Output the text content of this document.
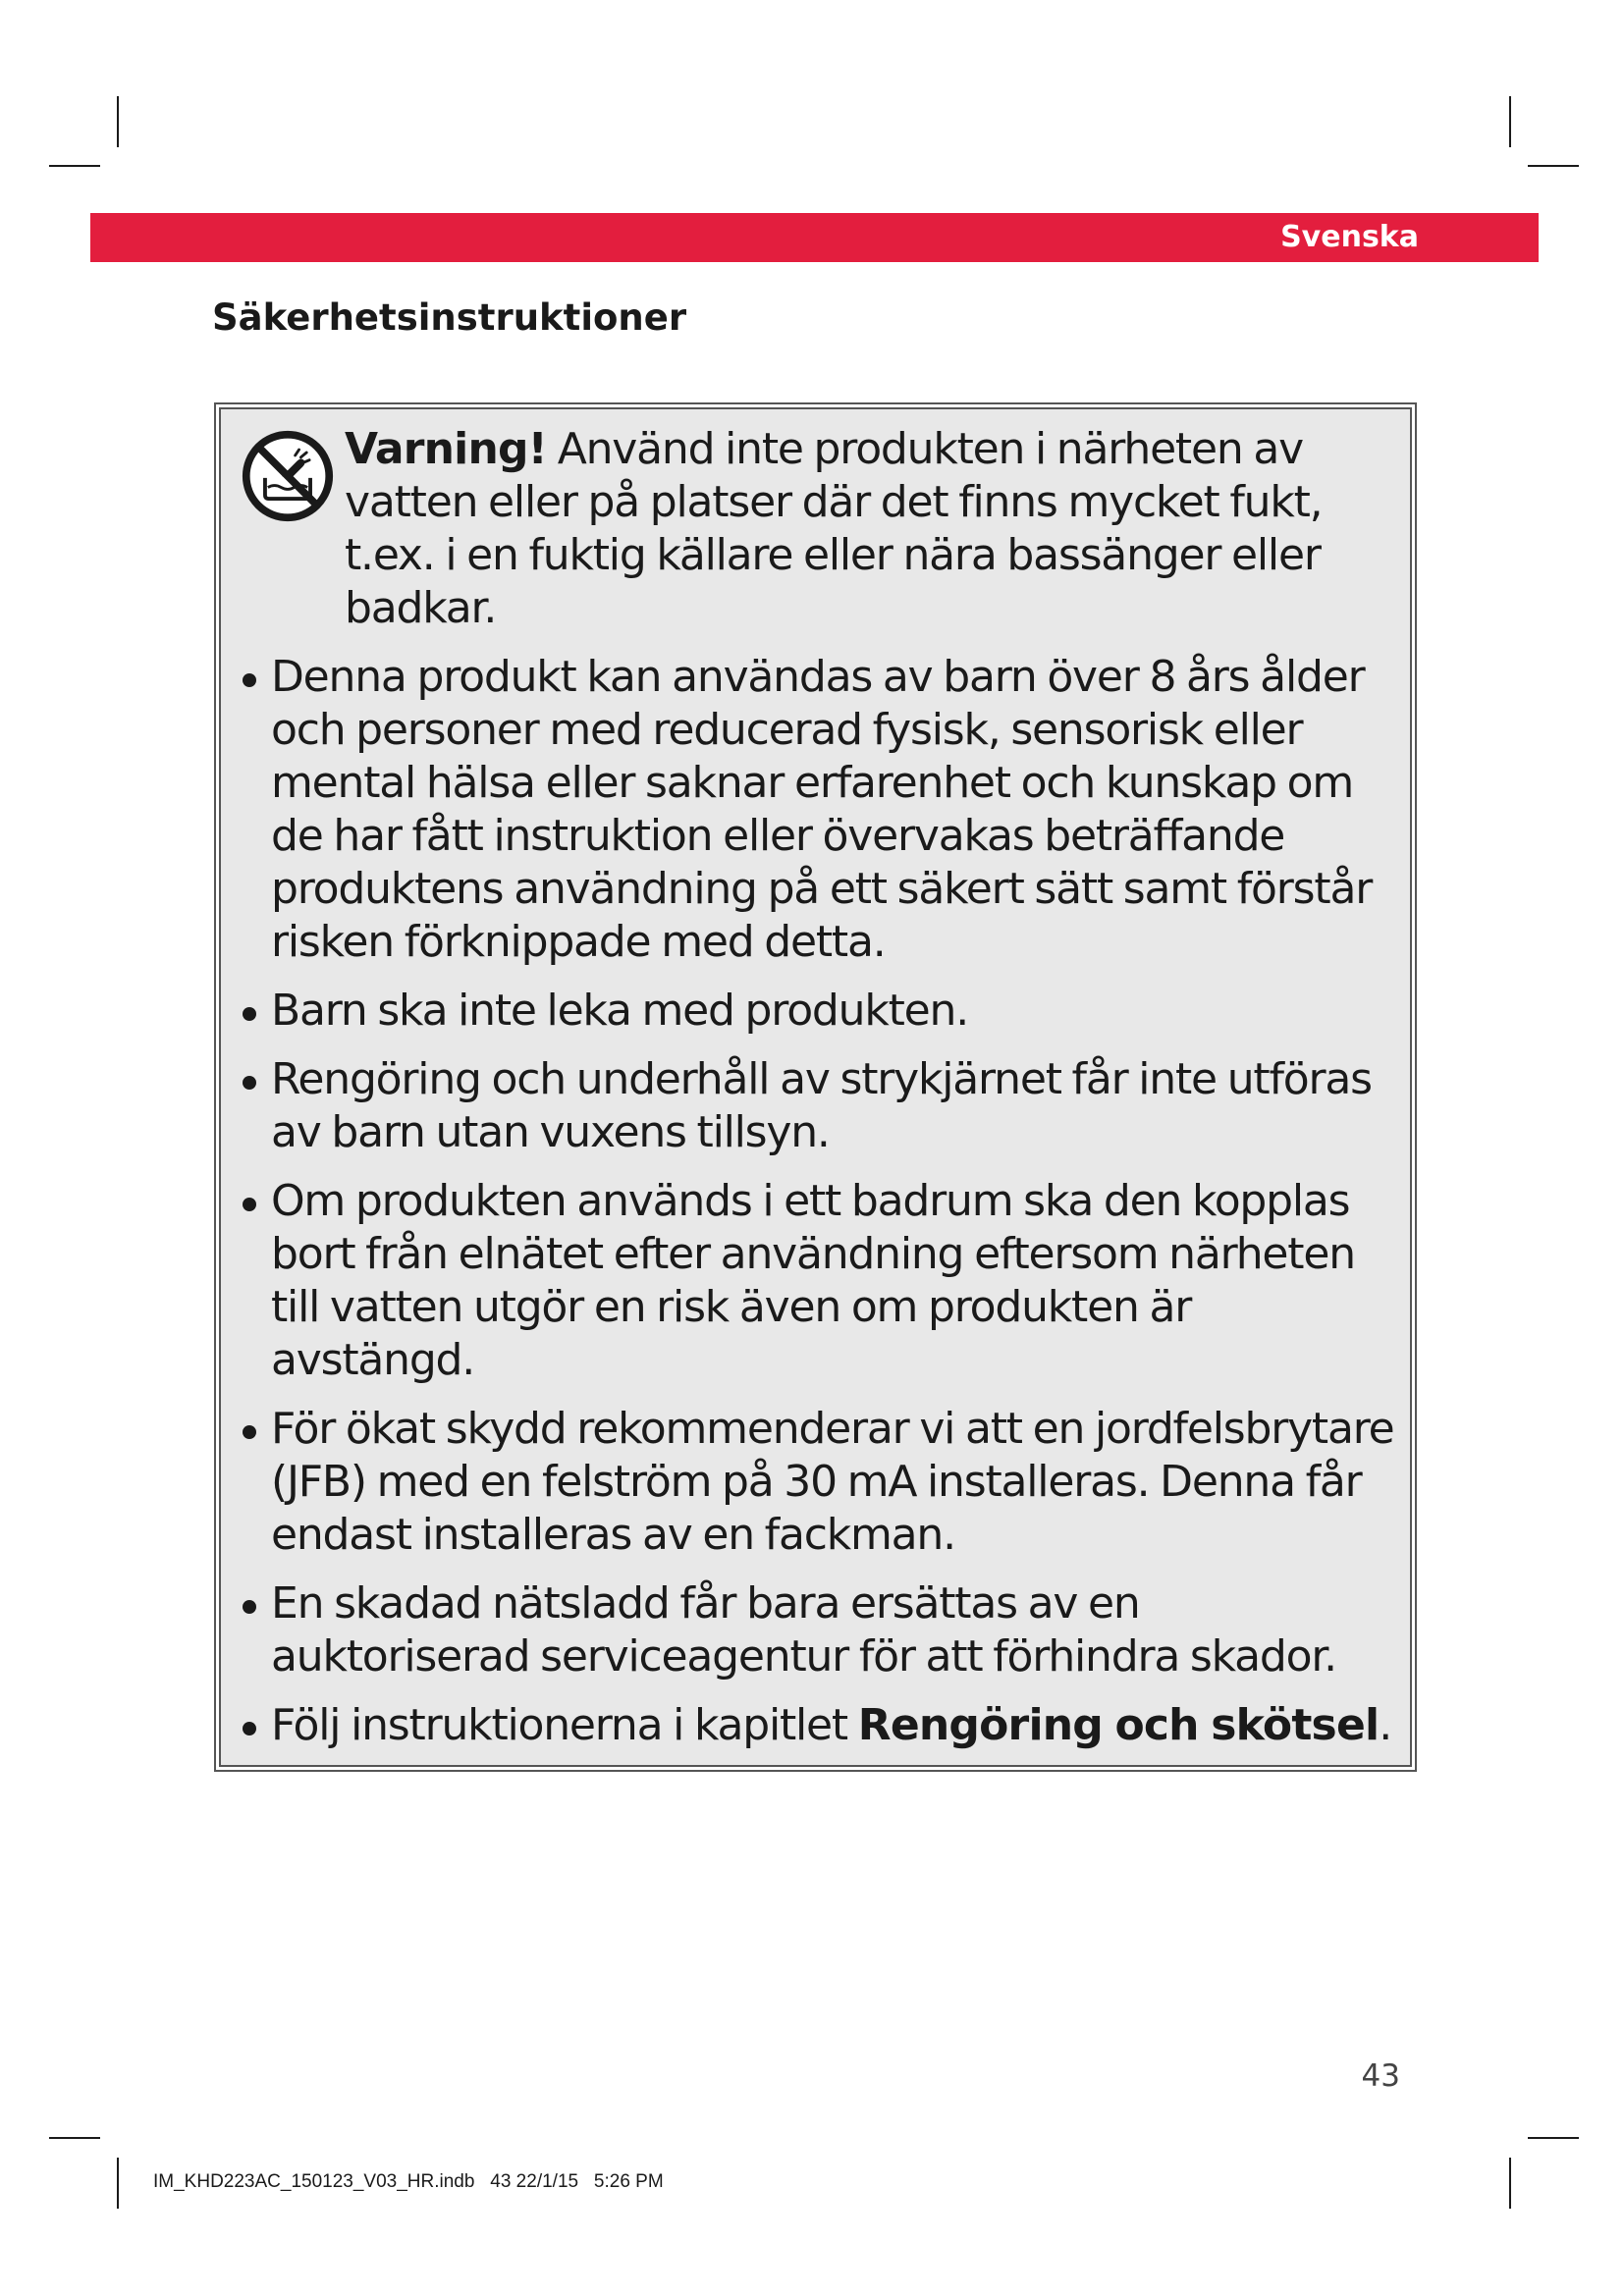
Svenska
Säkerhetsinstruktioner

Varning! Använd inte produkten i närheten av vatten eller på platser där det finns mycket fukt, t.ex. i en fuktig källare eller nära bassänger eller badkar.

Denna produkt kan användas av barn över 8 års ålder och personer med reducerad fysisk, sensorisk eller mental hälsa eller saknar erfarenhet och kunskap om de har fått instruktion eller övervakas beträffande produktens användning på ett säkert sätt samt förstår risken förknippade med detta.
Barn ska inte leka med produkten.
Rengöring och underhåll av strykjärnet får inte utföras av barn utan vuxens tillsyn.
Om produkten används i ett badrum ska den kopplas bort från elnätet efter användning eftersom närheten till vatten utgör en risk även om produkten är avstängd.
För ökat skydd rekommenderar vi att en jordfelsbrytare (JFB) med en felström på 30 mA installeras. Denna får endast installeras av en fackman.
En skadad nätsladd får bara ersättas av en auktoriserad serviceagentur för att förhindra skador.
Följ instruktionerna i kapitlet Rengöring och skötsel.
43
IM_KHD223AC_150123_V03_HR.indb   43 22/1/15   5:26 PM
